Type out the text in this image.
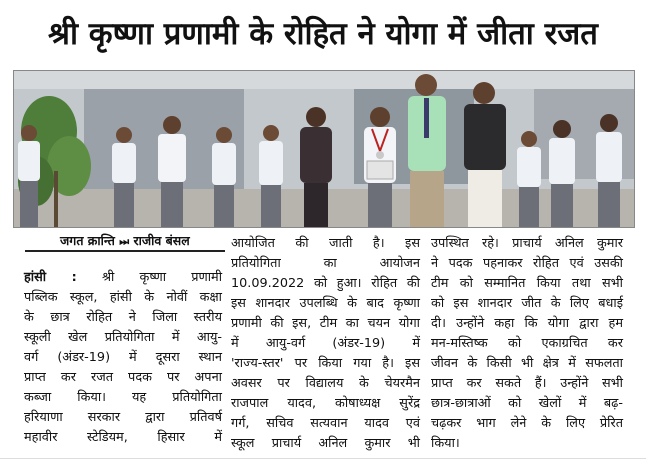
श्री कृष्णा प्रणामी के रोहित ने योगा में जीता रजत
जगत क्रान्ति ⏭ राजीव बंसल

हांसी : श्री कृष्णा प्रणामी

पब्लिक स्कूल, हांसी के नोवीं कक्षा

के छात्र रोहित ने जिला स्तरीय

स्कूली खेल प्रतियोगिता में आयु-

वर्ग (अंडर-19) में दूसरा स्थान

प्राप्त कर रजत पदक पर अपना

कब्जा किया। यह प्रतियोगिता

हरियाणा सरकार द्वारा प्रतिवर्ष

महावीर स्टेडियम, हिसार में

आयोजित की जाती है। इस

प्रतियोगिता का आयोजन

10.09.2022 को हुआ। रोहित की

इस शानदार उपलब्धि के बाद कृष्णा

प्रणामी की इस, टीम का चयन योगा

में आयु-वर्ग (अंडर-19) में

'राज्य-स्तर' पर किया गया है। इस

अवसर पर विद्यालय के चेयरमैन

राजपाल यादव, कोषाध्यक्ष सुरेंद्र

गर्ग, सचिव सत्यवान यादव एवं

स्कूल प्राचार्य अनिल कुमार भी

उपस्थित रहे। प्राचार्य अनिल कुमार

ने पदक पहनाकर रोहित एवं उसकी

टीम को सम्मानित किया तथा सभी

को इस शानदार जीत के लिए बधाई

दी। उन्होंने कहा कि योगा द्वारा हम

मन-मस्तिष्क को एकाग्रचित कर

जीवन के किसी भी क्षेत्र में सफलता

प्राप्त कर सकते हैं। उन्होंने सभी

छात्र-छात्राओं को खेलों में बढ़-

चढ़कर भाग लेने के लिए प्रेरित

किया।
